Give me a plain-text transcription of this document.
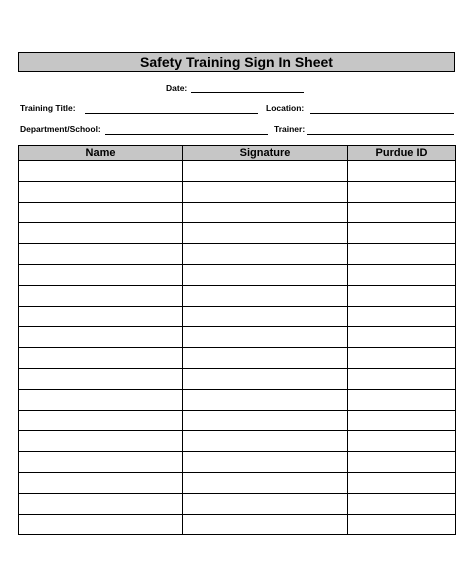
Safety Training Sign In Sheet
Date:
Training Title:	Location:
Department/School:	Trainer:
Name	Signature	Purdue ID
